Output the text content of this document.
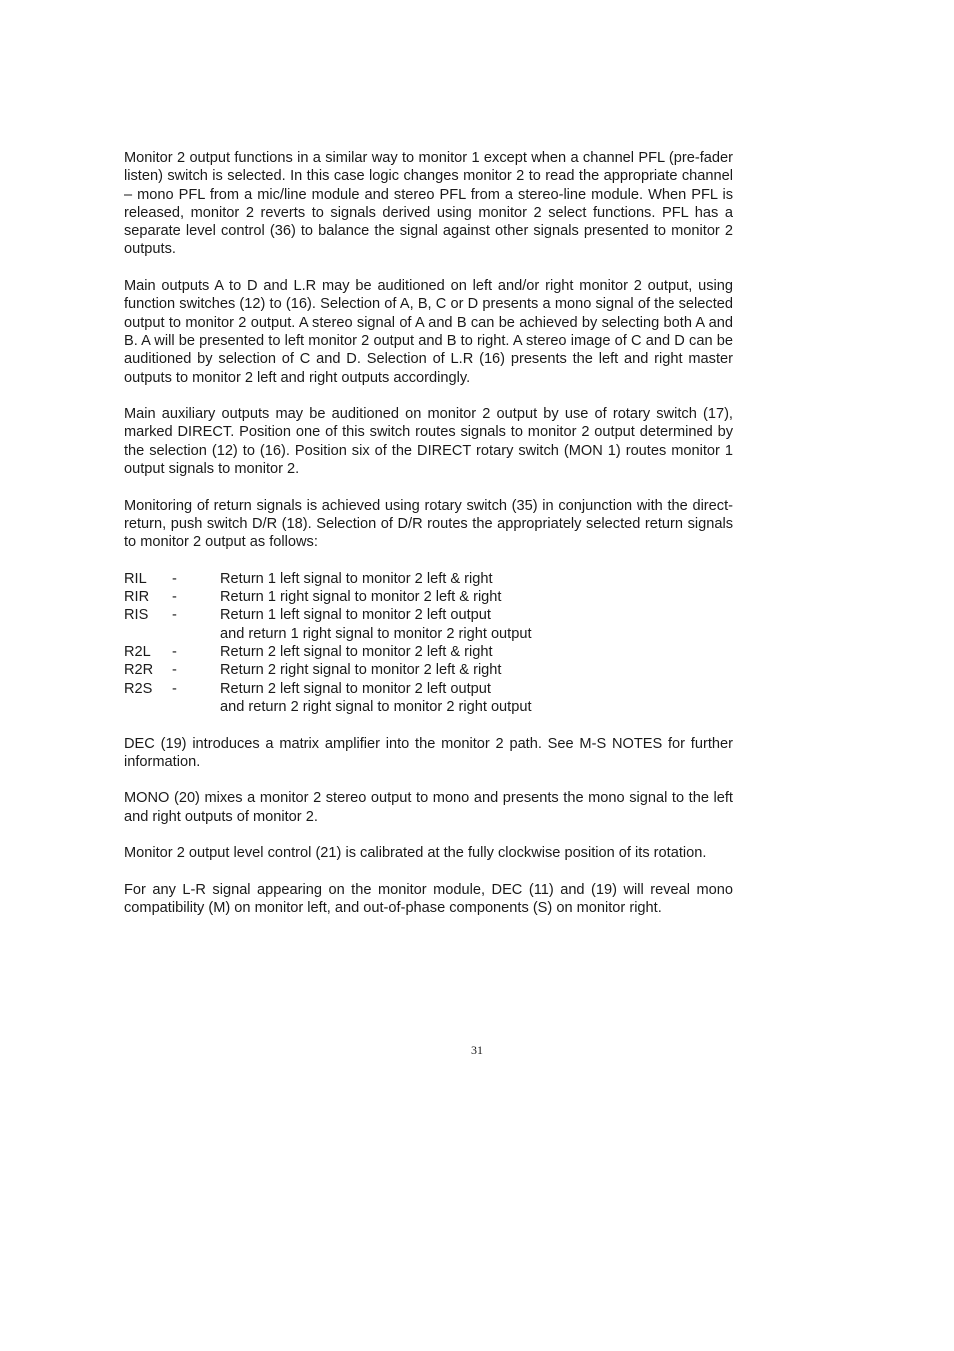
Monitor 2 output functions in a similar way to monitor 1 except when a channel PFL (pre-fader listen) switch is selected. In this case logic changes monitor 2 to read the appropriate channel – mono PFL from a mic/line module and stereo PFL from a stereo-line module. When PFL is released, monitor 2 reverts to signals derived using monitor 2 select functions. PFL has a separate level control (36) to balance the signal against other signals presented to monitor 2 outputs.

Main outputs A to D and L.R may be auditioned on left and/or right monitor 2 output, using function switches (12) to (16). Selection of A, B, C or D presents a mono signal of the selected output to monitor 2 output. A stereo signal of A and B can be achieved by selecting both A and B. A will be presented to left monitor 2 output and B to right. A stereo image of C and D can be auditioned by selection of C and D. Selection of L.R (16) presents the left and right master outputs to monitor 2 left and right outputs accordingly.

Main auxiliary outputs may be auditioned on monitor 2 output by use of rotary switch (17), marked DIRECT. Position one of this switch routes signals to monitor 2 output determined by the selection (12) to (16). Position six of the DIRECT rotary switch (MON 1) routes monitor 1 output signals to monitor 2.

Monitoring of return signals is achieved using rotary switch (35) in conjunction with the direct-return, push switch D/R (18). Selection of D/R routes the appropriately selected return signals to monitor 2 output as follows:

RIL	-	Return 1 left signal to monitor 2 left & right
RIR	-	Return 1 right signal to monitor 2 left & right
RIS	-	Return 1 left signal to monitor 2 left output
and return 1 right signal to monitor 2 right output
R2L	-	Return 2 left signal to monitor 2 left & right
R2R	-	Return 2 right signal to monitor 2 left & right
R2S	-	Return 2 left signal to monitor 2 left output
and return 2 right signal to monitor 2 right output

DEC (19) introduces a matrix amplifier into the monitor 2 path. See M-S NOTES for further information.

MONO (20) mixes a monitor 2 stereo output to mono and presents the mono signal to the left and right outputs of monitor 2.

Monitor 2 output level control (21) is calibrated at the fully clockwise position of its rotation.

For any L-R signal appearing on the monitor module, DEC (11) and (19) will reveal mono compatibility (M) on monitor left, and out-of-phase components (S) on monitor right.

31
